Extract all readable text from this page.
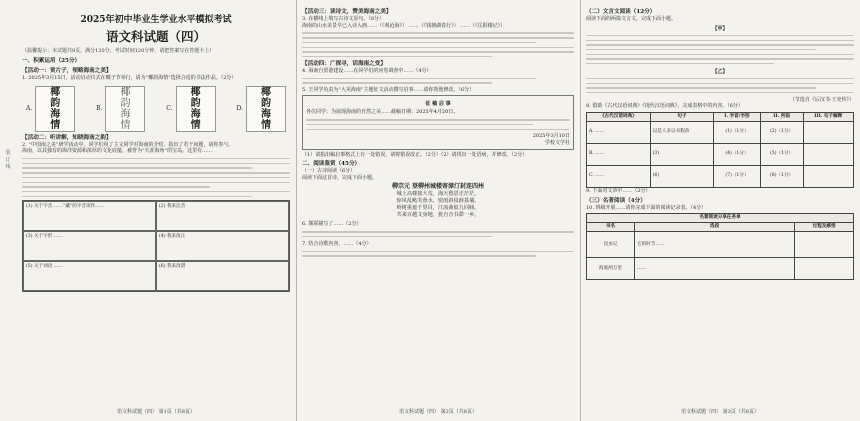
装
订
线
2025年初中毕业生学业水平模拟考试
语文科试题（四）
（温馨提示：本试题共8页，满分120分，考试时间120分钟，请把答案写在答题卡上）
一、积累运用（25分）
【活动一：赏片子，领略海南之美】
1. 2025年3月15日，活动启动仪式在椰子节举行，请为“椰韵海情”选择合适的书法作品。（2分）
A.
椰
韵
海
情
B.
椰
韵
海
情
C.
椰
韵
海
情
D.
椰
韵
海
情
【活动二：听讲解，知晓海南之韵】
2. “中国南之美”研学活动中，同学们用了主文同学对海南的介绍，指出了若干问题，请你参与。
海南，以其独有的海洋资源和浓厚的文化底蕴，被誉为“天涯海角”的宝岛。这里有……
(1) 关于字音 ……“藏”的字音读作……	(2) 我来注音
(3) 关于字形 ……	(4) 我来改正
(5) 关于词语 ……	(6) 我来改错
语文科试题（四） 第1页（共8页）
【活动三：读诗文，赞美海南之美】
3. 在横线上填写古诗文原句。（8分）
海南的山水美景早已入诗入画……（《观沧海》） ……（《钱塘湖春行》） ……（《岳阳楼记》）
【活动四：广探寻，话海南之变】
4. 海南自贸港建设……在同学们的问卷调查中……（4分）
5. 王同学负责为“大美海南”主题征文活动撰写启事……请你帮他修改。（6分）
征 稿 启 事
各位同学：为展现海南的自然之美……截稿日期：2025年4月20日。
2025年3月10日
学校文学社
（1）请指出稿启事格式上有一处错误，请将错误改正。（2分）（2）请找出一处语病，并修改。（2分）
二、阅读鉴赏（45分）
（一）古诗阅读（6分）
阅读下面这首诗，完成下面小题。
柳宗元 登柳州城楼寄漳汀封连四州
城上高楼接大荒，海天愁思正茫茫。
惊风乱飐芙蓉水，密雨斜侵薜荔墙。
岭树重遮千里目，江流曲似九回肠。
共来百越文身地，犹自音书滞一乡。
6. 颔联描写了……（2分）
7. 结合诗歌内容，……（4分）
语文科试题（四） 第2页（共8页）
（二）文言文阅读（12分）
阅读下面的两篇文言文，完成下面小题。
【甲】
【乙】
（节选自《后汉书·王充传》）
8. 借助《古代汉语词典》《现代汉语词典》，完成表格中的内容。（6分）
《古代汉语词典》	句子	I. 字音/字形	II. 所指	III. 句子解释
A. ……	以是人多以书假余	(1)（1分）	(2)（1分）	
B. ……	(3)	(4)（1分）	(5)（1分）	
C. ……	(6)	(7)（1分）	(8)（1分）	
9. 下面对文章中……（2分）
（三）名著阅读（4分）
10. 班级开展……请你完成下面的阅读记录表。（4分）
名著阅读分享任务单		
书名	选段	过程及感悟
昆虫记	它的时节……	
海底两万里	……	
语文科试题（四） 第3页（共8页）
